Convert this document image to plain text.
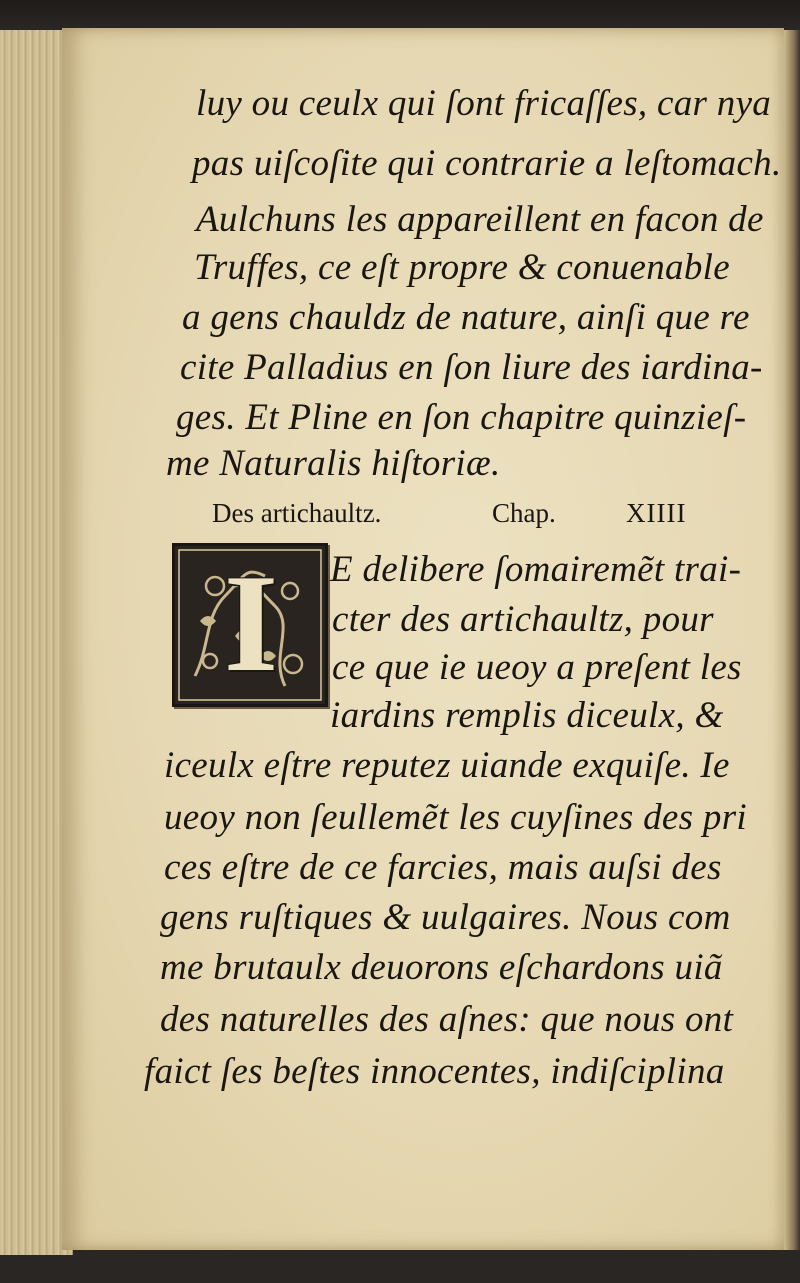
luy ou ceulx qui ſont fricaſſes, car nya
pas uiſcoſite qui contrarie a leſtomach.
Aulchuns les appareillent en facon de
Truffes, ce eſt propre & conuenable
a gens chauldz de nature, ainſi que re
cite Palladius en ſon liure des iardina-
ges. Et Pline en ſon chapitre quinzieſ-
me Naturalis hiſtoriæ.
Des artichaultz.	Chap.	XIIII
I E delibere ſomairemẽt trai-
cter des artichaultz, pour
ce que ie ueoy a preſent les
iardins remplis diceulx, &
iceulx eſtre reputez uiande exquiſe. Ie
ueoy non ſeullemẽt les cuyſines des pri
ces eſtre de ce farcies, mais auſsi des
gens ruſtiques & uulgaires. Nous com
me brutaulx deuorons eſchardons uiã
des naturelles des aſnes: que nous ont
faict ſes beſtes innocentes, indiſciplina
